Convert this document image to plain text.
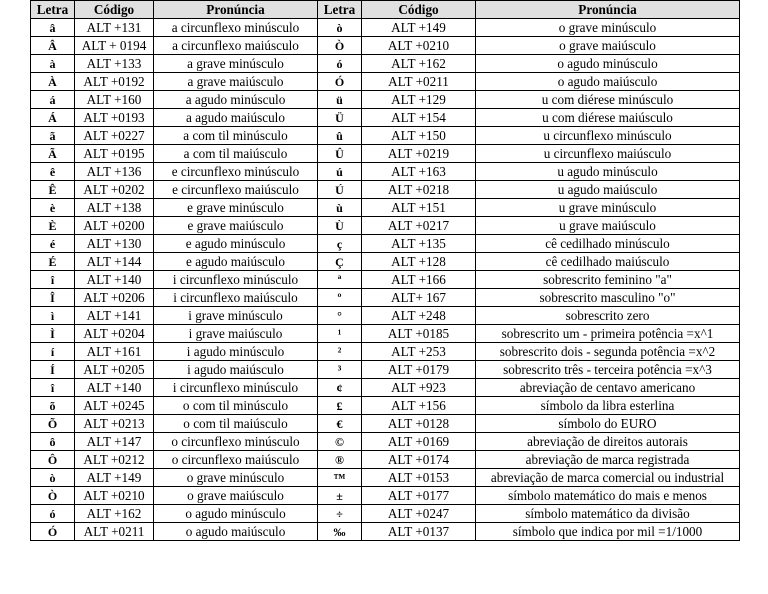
Letra	Código	Pronúncia	Letra	Código	Pronúncia
â	ALT +131	a circunflexo minúsculo	ò	ALT +149	o grave minúsculo
Â	ALT + 0194	a circunflexo maiúsculo	Ò	ALT +0210	o grave maiúsculo
à	ALT +133	a grave minúsculo	ó	ALT +162	o agudo minúsculo
À	ALT +0192	a grave maiúsculo	Ó	ALT +0211	o agudo maiúsculo
á	ALT +160	a agudo minúsculo	ü	ALT +129	u com diérese minúsculo
Á	ALT +0193	a agudo maiúsculo	Ü	ALT +154	u com diérese maiúsculo
ã	ALT +0227	a com til minúsculo	û	ALT +150	u circunflexo minúsculo
Ã	ALT +0195	a com til maiúsculo	Û	ALT +0219	u circunflexo maiúsculo
ê	ALT +136	e circunflexo minúsculo	ú	ALT +163	u agudo minúsculo
Ê	ALT +0202	e circunflexo maiúsculo	Ú	ALT +0218	u agudo maiúsculo
è	ALT +138	e grave minúsculo	ù	ALT +151	u grave minúsculo
È	ALT +0200	e grave maiúsculo	Ù	ALT +0217	u grave maiúsculo
é	ALT +130	e agudo minúsculo	ç	ALT +135	cê cedilhado minúsculo
É	ALT +144	e agudo maiúsculo	Ç	ALT +128	cê cedilhado maiúsculo
î	ALT +140	i circunflexo minúsculo	ª	ALT +166	sobrescrito feminino "a"
Î	ALT +0206	i circunflexo maiúsculo	º	ALT+ 167	sobrescrito masculino "o"
ì	ALT +141	i grave minúsculo	°	ALT +248	sobrescrito zero
Ì	ALT +0204	i grave maiúsculo	¹	ALT +0185	sobrescrito um - primeira potência =x^1
í	ALT +161	i agudo minúsculo	²	ALT +253	sobrescrito dois - segunda potência =x^2
Í	ALT +0205	i agudo maiúsculo	³	ALT +0179	sobrescrito três - terceira potência =x^3
î	ALT +140	i circunflexo minúsculo	¢	ALT +923	abreviação de centavo americano
õ	ALT +0245	o com til minúsculo	£	ALT +156	símbolo da libra esterlina
Õ	ALT +0213	o com til maiúsculo	€	ALT +0128	símbolo do EURO
ô	ALT +147	o circunflexo minúsculo	©	ALT +0169	abreviação de direitos autorais
Ô	ALT +0212	o circunflexo maiúsculo	®	ALT +0174	abreviação de marca registrada
ò	ALT +149	o grave minúsculo	™	ALT +0153	abreviação de marca comercial ou industrial
Ò	ALT +0210	o grave maiúsculo	±	ALT +0177	símbolo matemático do mais e menos
ó	ALT +162	o agudo minúsculo	÷	ALT +0247	símbolo matemático da divisão
Ó	ALT +0211	o agudo maiúsculo	‰	ALT +0137	símbolo que indica por mil =1/1000
